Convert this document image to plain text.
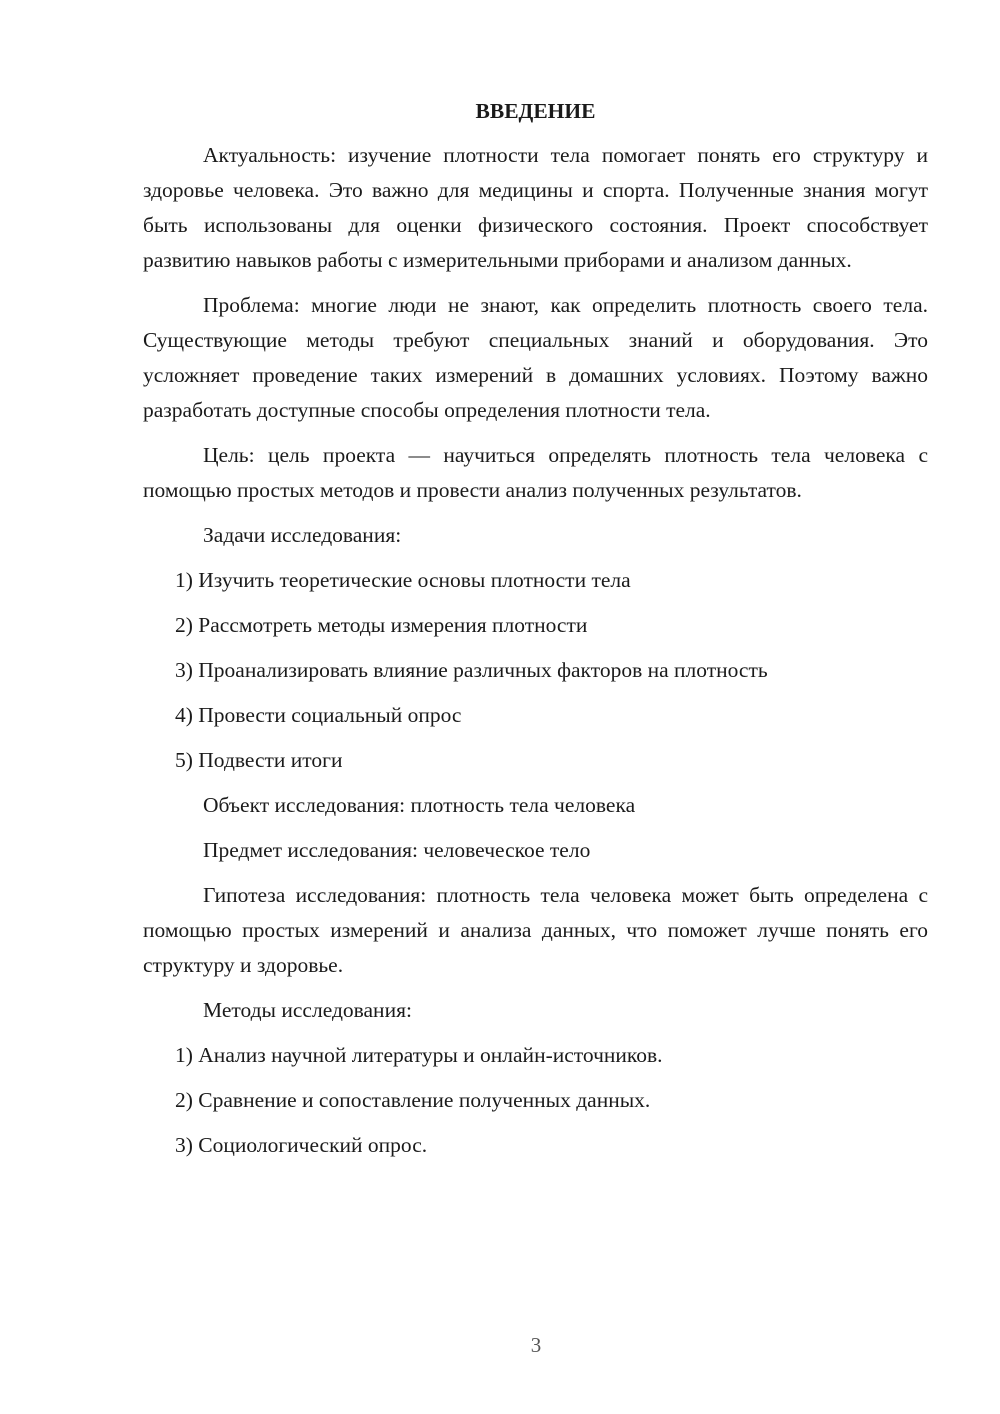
ВВЕДЕНИЕ

Актуальность: изучение плотности тела помогает понять его структуру и здоровье человека. Это важно для медицины и спорта. Полученные знания могут быть использованы для оценки физического состояния. Проект способствует развитию навыков работы с измерительными приборами и анализом данных.

Проблема: многие люди не знают, как определить плотность своего тела. Существующие методы требуют специальных знаний и оборудования. Это усложняет проведение таких измерений в домашних условиях. Поэтому важно разработать доступные способы определения плотности тела.

Цель: цель проекта — научиться определять плотность тела человека с помощью простых методов и провести анализ полученных результатов.

Задачи исследования:

1) Изучить теоретические основы плотности тела

2) Рассмотреть методы измерения плотности

3) Проанализировать влияние различных факторов на плотность

4) Провести социальный опрос

5) Подвести итоги

Объект исследования: плотность тела человека

Предмет исследования: человеческое тело

Гипотеза исследования: плотность тела человека может быть определена с помощью простых измерений и анализа данных, что поможет лучше понять его структуру и здоровье.

Методы исследования:

1) Анализ научной литературы и онлайн-источников.

2) Сравнение и сопоставление полученных данных.

3) Социологический опрос.

3
